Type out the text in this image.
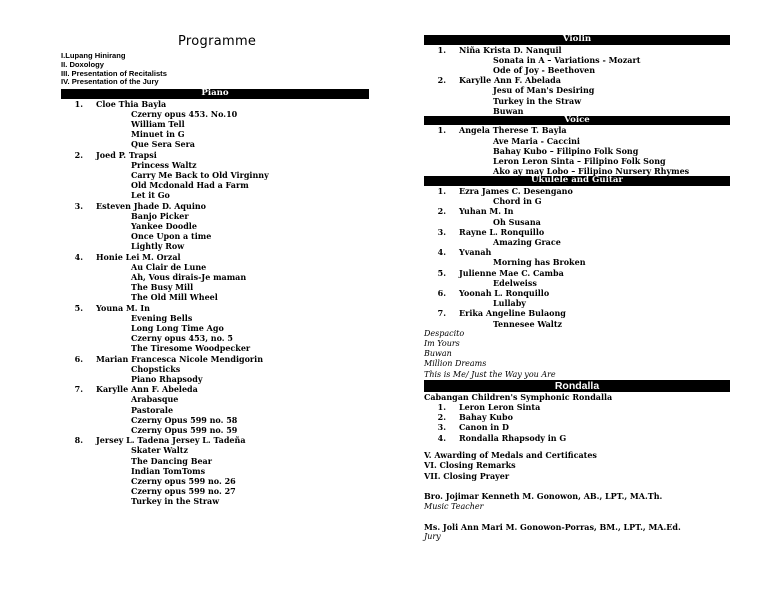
Programme
I.Lupang Hinirang
II. Doxology
III. Presentation of Recitalists
IV. Presentation of the Jury
Piano
1. Cloe Thia Bayla
Czerny opus 453. No.10
William Tell
Minuet in G
Que Sera Sera
2. Joed P. Trapsi
Princess Waltz
Carry Me Back to Old Virginny
Old Mcdonald Had a Farm
Let it Go
3. Esteven Jhade D. Aquino
Banjo Picker
Yankee Doodle
Once Upon a time
Lightly Row
4. Honie Lei M. Orzal
Au Clair de Lune
Ah, Vous dirais-Je maman
The Busy Mill
The Old Mill Wheel
5. Youna M. In
Evening Bells
Long Long Time Ago
Czerny opus 453, no. 5
The Tiresome Woodpecker
6. Marian Francesca Nicole Mendigorin
Chopsticks
Piano Rhapsody
7. Karylle Ann F. Abeleda
Arabasque
Pastorale
Czerny Opus 599 no. 58
Czerny Opus 599 no. 59
8. Jersey L. Tadena Jersey L. Tadeña
Skater Waltz
The Dancing Bear
Indian TomToms
Czerny opus 599 no. 26
Czerny opus 599 no. 27
Turkey in the Straw
Violin
1. Niña Krista D. Nanquil
Sonata in A – Variations - Mozart
Ode of Joy - Beethoven
2. Karylle Ann F. Abelada
Jesu of Man's Desiring
Turkey in the Straw
Buwan
Voice
1. Angela Therese T. Bayla
Ave Maria - Caccini
Bahay Kubo – Filipino Folk Song
Leron Leron Sinta – Filipino Folk Song
Ako ay may Lobo – Filipino Nursery Rhymes
Ukulele and Guitar
1. Ezra James C. Desengano
Chord in G
2. Yuhan M. In
Oh Susana
3. Rayne L. Ronquillo
Amazing Grace
4. Yvanah
Morning has Broken
5. Julienne Mae C. Camba
Edelweiss
6. Yoonah L. Ronquillo
Lullaby
7. Erika Angeline Bulaong
Tennesee Waltz
Despacito
Im Yours
Buwan
Million Dreams
This is Me/ Just the Way you Are
Rondalla
Cabangan Children's Symphonic Rondalla
1. Leron Leron Sinta
2. Bahay Kubo
3. Canon in D
4. Rondalla Rhapsody in G
V. Awarding of Medals and Certificates
VI. Closing Remarks
VII. Closing Prayer
Bro. Jojimar Kenneth M. Gonowon, AB., LPT., MA.Th.
Music Teacher
Ms. Joli Ann Mari M. Gonowon-Porras, BM., LPT., MA.Ed.
Jury
